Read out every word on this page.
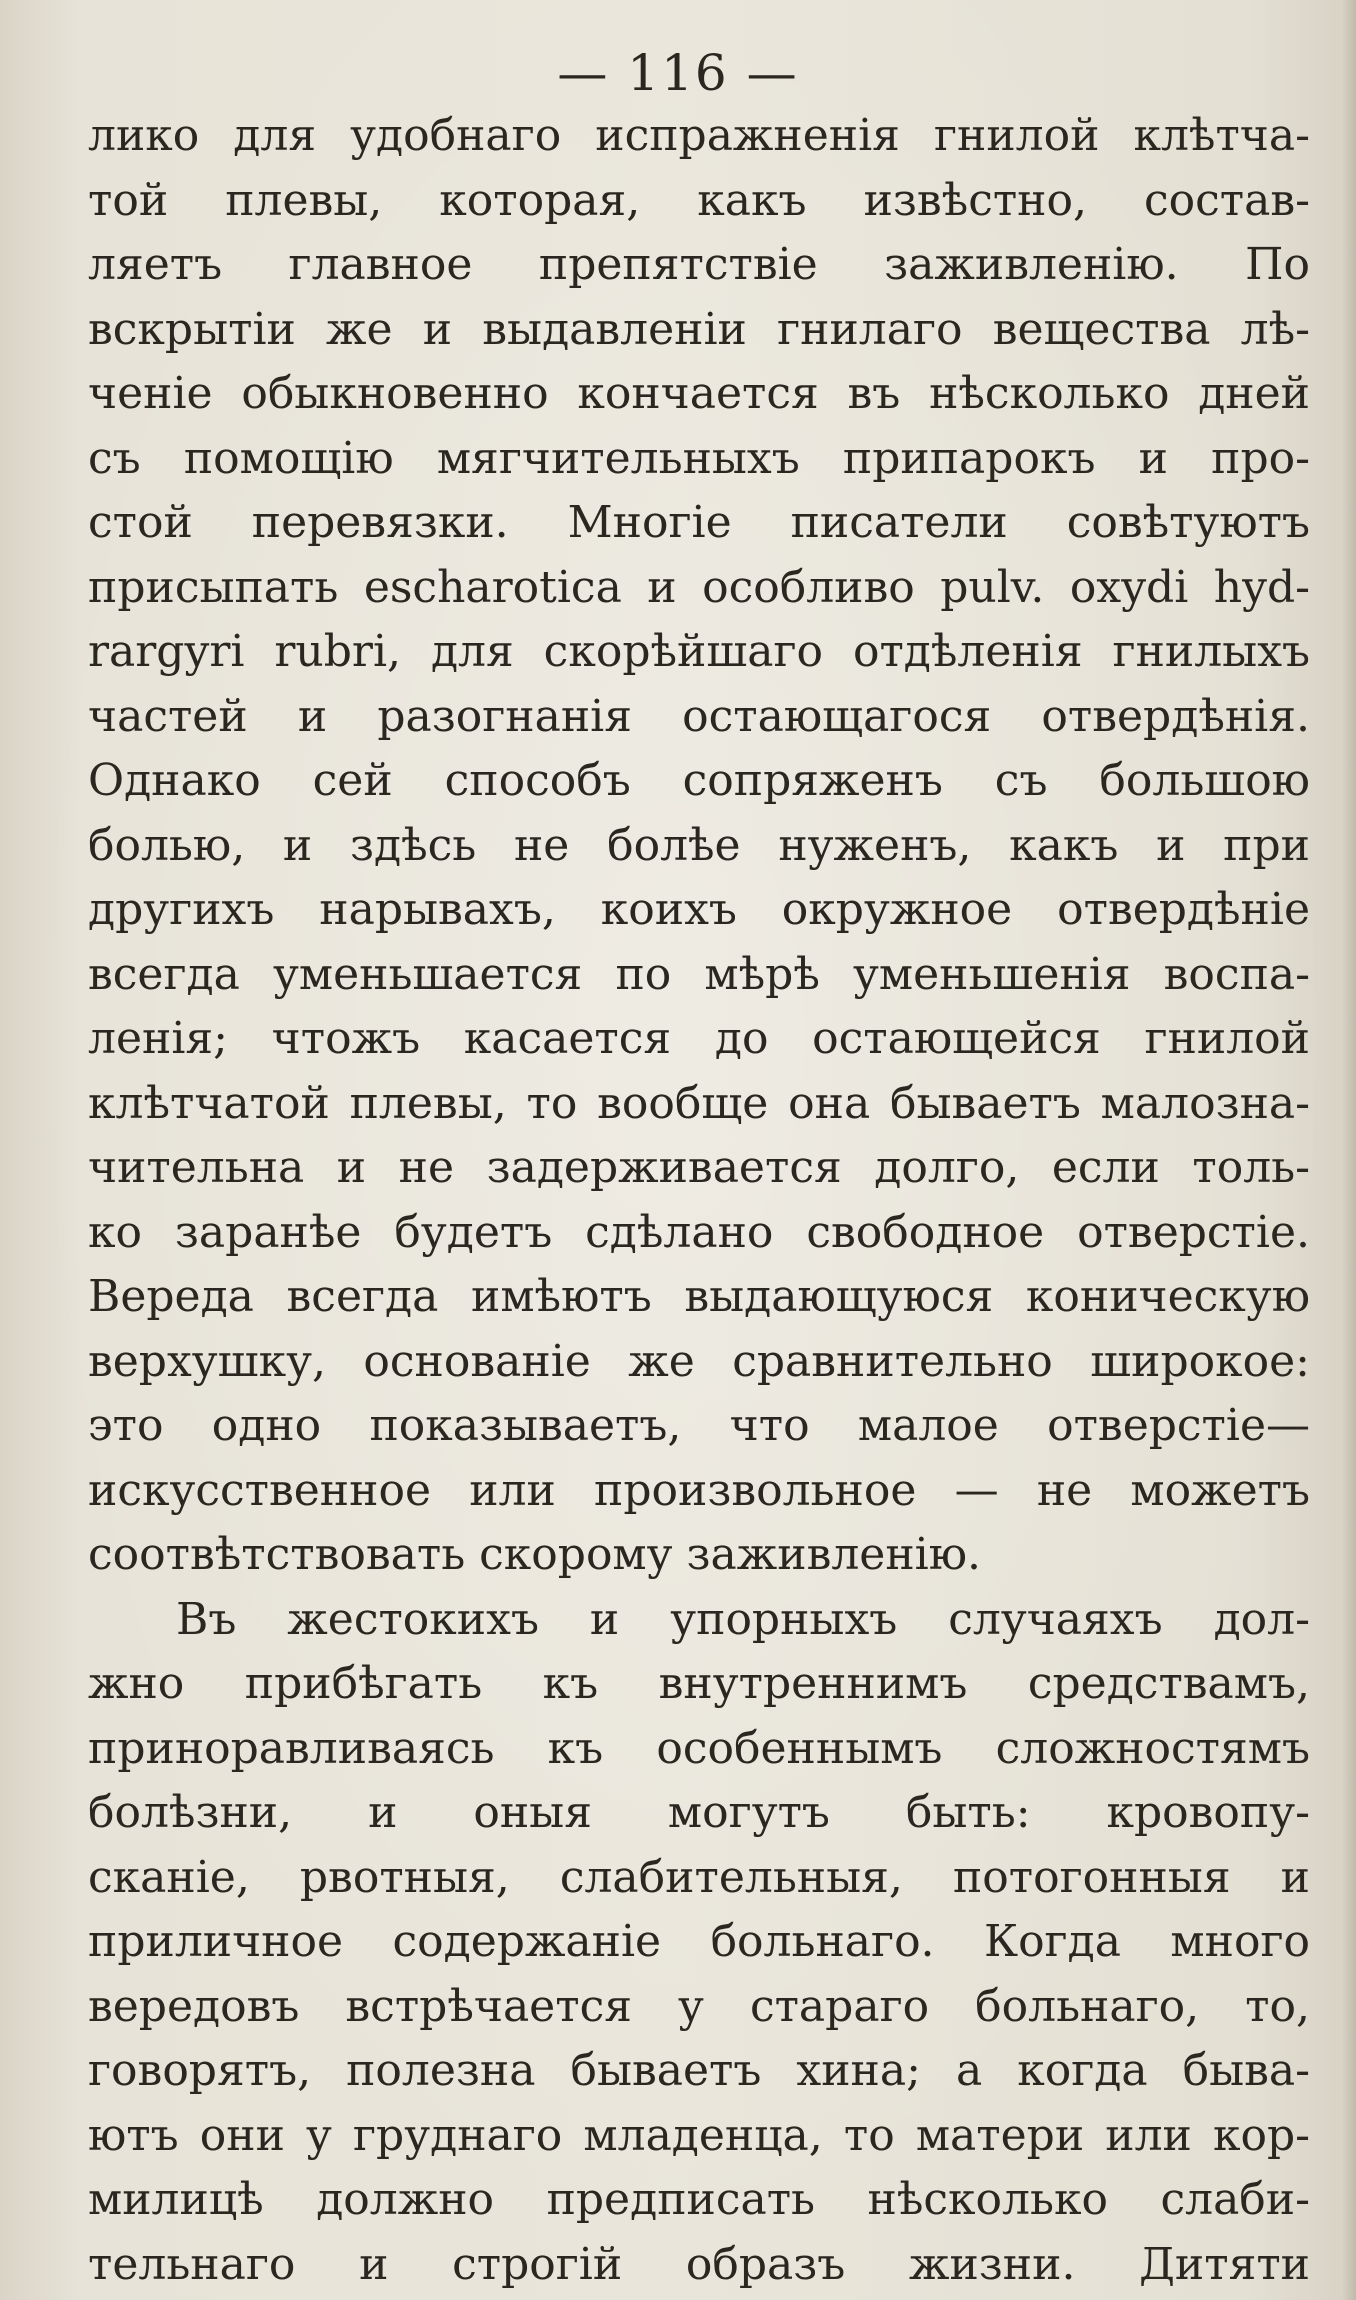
— 116 —
лико для удобнаго испражненія гнилой клѣтча-
той плевы, которая, какъ извѣстно, состав-
ляетъ главное препятствіе заживленію. По
вскрытіи же и выдавленіи гнилаго вещества лѣ-
ченіе обыкновенно кончается въ нѣсколько дней
съ помощію мягчительныхъ припарокъ и про-
стой перевязки. Многіе писатели совѣтуютъ
присыпать escharotica и особливо pulv. oxydi hyd-
rargyri rubri, для скорѣйшаго отдѣленія гнилыхъ
частей и разогнанія остающагося отвердѣнія.
Однако сей способъ сопряженъ съ большою
болью, и здѣсь не болѣе нуженъ, какъ и при
другихъ нарывахъ, коихъ окружное отвердѣніе
всегда уменьшается по мѣрѣ уменьшенія воспа-
ленія; чтожъ касается до остающейся гнилой
клѣтчатой плевы, то вообще она бываетъ малозна-
чительна и не задерживается долго, если толь-
ко заранѣе будетъ сдѣлано свободное отверстіе.
Вереда всегда имѣютъ выдающуюся коническую
верхушку, основаніе же сравнительно широкое:
это одно показываетъ, что малое отверстіе—
искусственное или произвольное — не можетъ
соотвѣтствовать скорому заживленію.
Въ жестокихъ и упорныхъ случаяхъ дол-
жно прибѣгать къ внутреннимъ средствамъ,
приноравливаясь къ особеннымъ сложностямъ
болѣзни, и оныя могутъ быть: кровопу-
сканіе, рвотныя, слабительныя, потогонныя и
приличное содержаніе больнаго. Когда много
вередовъ встрѣчается у стараго больнаго, то,
говорятъ, полезна бываетъ хина; а когда быва-
ютъ они у груднаго младенца, то матери или кор-
милицѣ должно предписать нѣсколько слаби-
тельнаго и строгій образъ жизни. Дитяти
